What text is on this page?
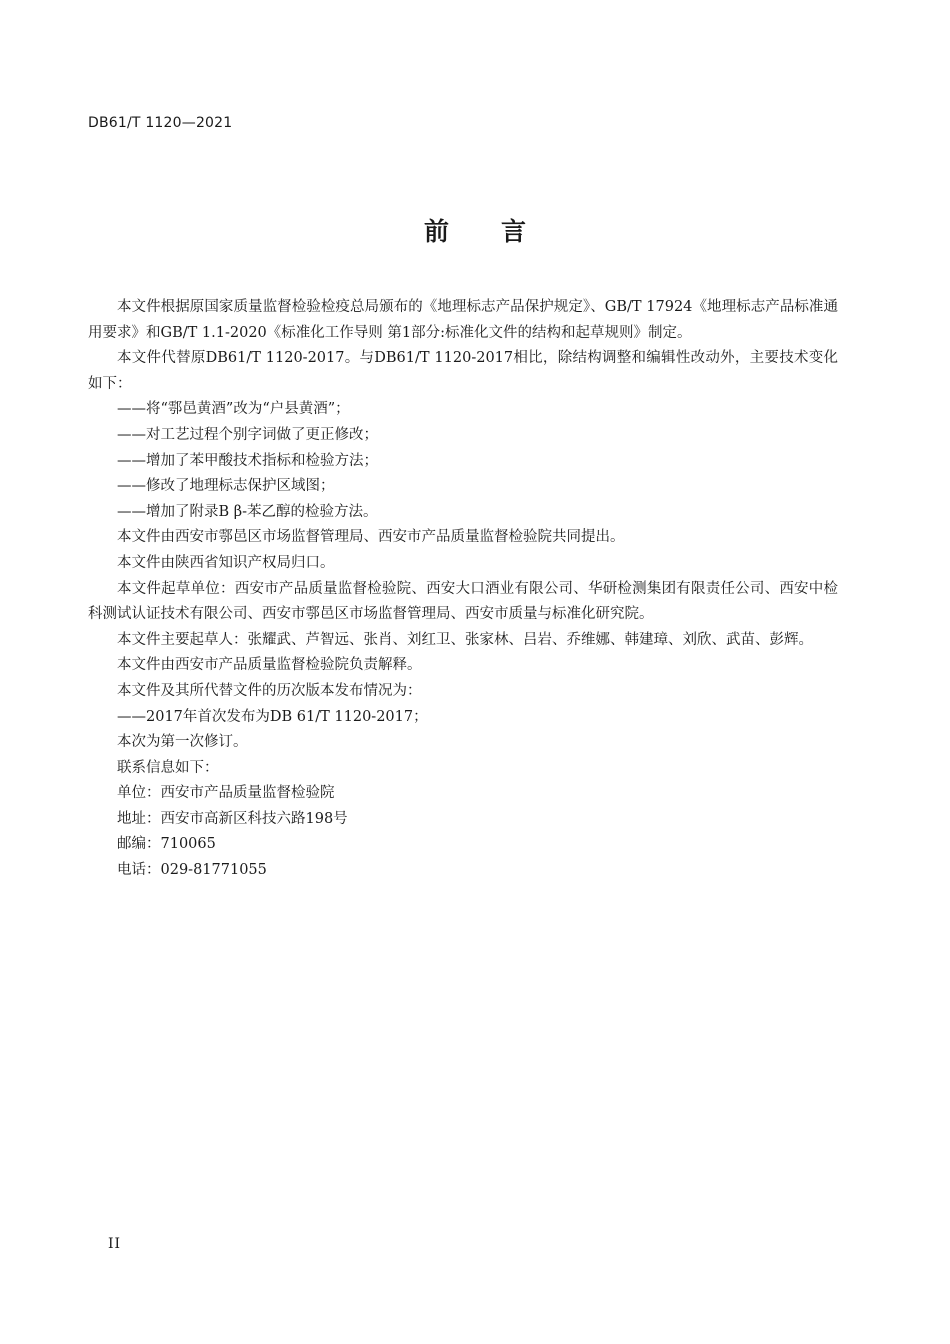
DB61/T 1120—2021
前言

本文件根据原国家质量监督检验检疫总局颁布的《地理标志产品保护规定》、GB/T 17924《地理标志产品标准通用要求》和GB/T 1.1-2020《标准化工作导则 第1部分:标准化文件的结构和起草规则》制定。

本文件代替原DB61/T 1120-2017。与DB61/T 1120-2017相比，除结构调整和编辑性改动外，主要技术变化如下：

——将“鄠邑黄酒”改为“户县黄酒”；

——对工艺过程个别字词做了更正修改；

——增加了苯甲酸技术指标和检验方法；

——修改了地理标志保护区域图；

——增加了附录B β-苯乙醇的检验方法。

本文件由西安市鄠邑区市场监督管理局、西安市产品质量监督检验院共同提出。

本文件由陕西省知识产权局归口。

本文件起草单位：西安市产品质量监督检验院、西安大口酒业有限公司、华研检测集团有限责任公司、西安中检科测试认证技术有限公司、西安市鄠邑区市场监督管理局、西安市质量与标准化研究院。

本文件主要起草人：张耀武、芦智远、张肖、刘红卫、张家林、吕岩、乔维娜、韩建璋、刘欣、武苗、彭辉。

本文件由西安市产品质量监督检验院负责解释。

本文件及其所代替文件的历次版本发布情况为：

——2017年首次发布为DB 61/T 1120-2017；

本次为第一次修订。

联系信息如下：

单位：西安市产品质量监督检验院

地址：西安市高新区科技六路198号

邮编：710065

电话：029-81771055

II
